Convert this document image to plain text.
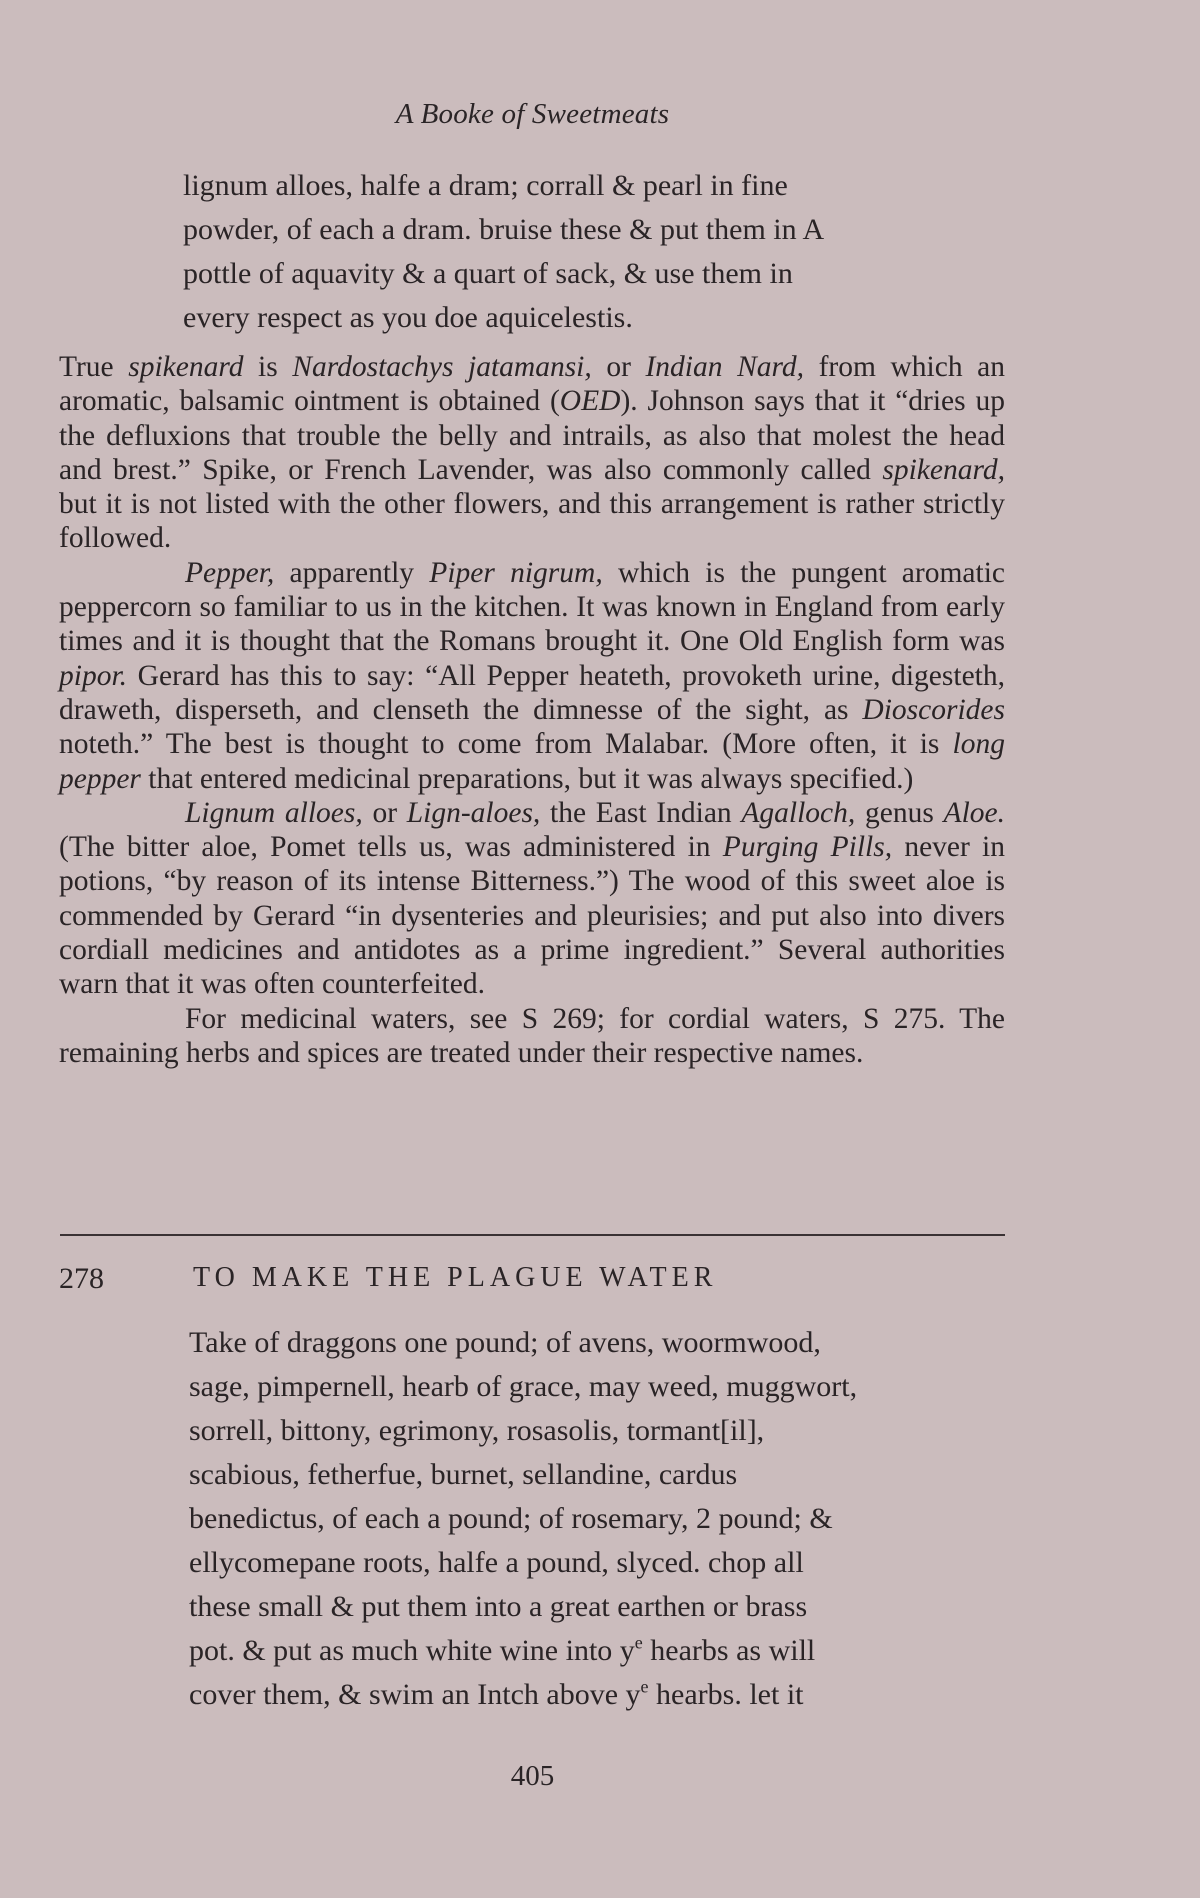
A Booke of Sweetmeats
lignum alloes, halfe a dram; corrall & pearl in fine
powder, of each a dram. bruise these & put them in A
pottle of aquavity & a quart of sack, & use them in
every respect as you doe aquicelestis.

True spikenard is Nardostachys jatamansi, or Indian Nard, from which an aromatic, balsamic ointment is obtained (OED). Johnson says that it “dries up the defluxions that trouble the belly and intrails, as also that molest the head and brest.” Spike, or French Lavender, was also commonly called spikenard, but it is not listed with the other flowers, and this arrangement is rather strictly followed.

Pepper, apparently Piper nigrum, which is the pungent aromatic peppercorn so familiar to us in the kitchen. It was known in England from early times and it is thought that the Romans brought it. One Old English form was pipor. Gerard has this to say: “All Pepper heateth, provoketh urine, digesteth, draweth, disperseth, and clenseth the dimnesse of the sight, as Dioscorides noteth.” The best is thought to come from Malabar. (More often, it is long pepper that entered medicinal preparations, but it was always specified.)

Lignum alloes, or Lign-aloes, the East Indian Agalloch, genus Aloe. (The bitter aloe, Pomet tells us, was administered in Purging Pills, never in potions, “by reason of its intense Bitterness.”) The wood of this sweet aloe is commended by Gerard “in dysenteries and pleurisies; and put also into divers cordiall medicines and antidotes as a prime ingredient.” Several authorities warn that it was often counterfeited.

For medicinal waters, see S 269; for cordial waters, S 275. The remaining herbs and spices are treated under their respective names.

278	TO MAKE THE PLAGUE WATER
Take of draggons one pound; of avens, woormwood,
sage, pimpernell, hearb of grace, may weed, muggwort,
sorrell, bittony, egrimony, rosasolis, tormant[il],
scabious, fetherfue, burnet, sellandine, cardus
benedictus, of each a pound; of rosemary, 2 pound; &
ellycomepane roots, halfe a pound, slyced. chop all
these small & put them into a great earthen or brass
pot. & put as much white wine into $y^e$ hearbs as will
cover them, & swim an Intch above $y^e$ hearbs. let it
405
